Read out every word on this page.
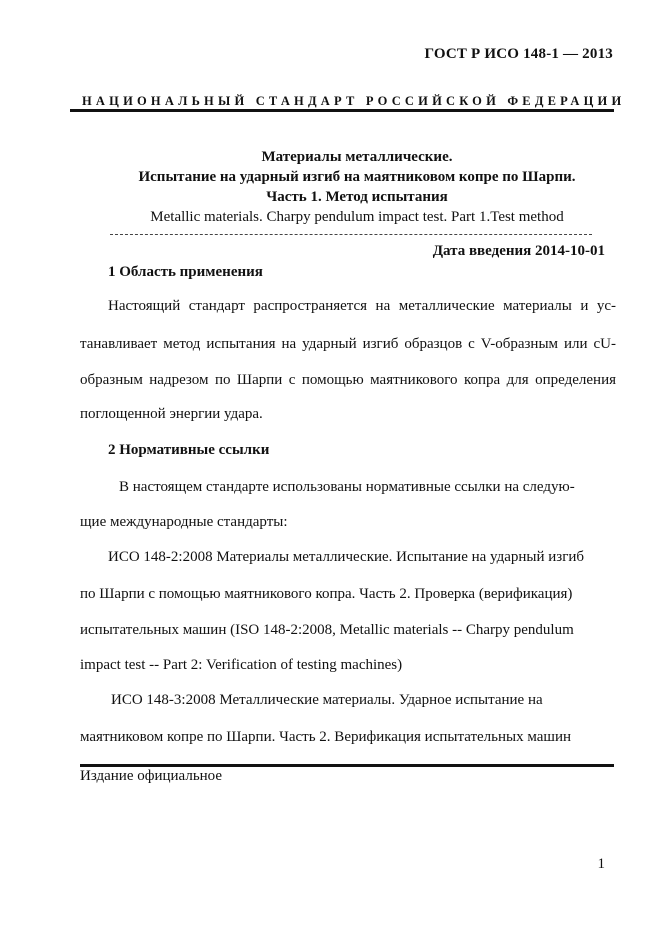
ГОСТ Р ИСО 148-1 — 2013
НАЦИОНАЛЬНЫЙ СТАНДАРТ РОССИЙСКОЙ ФЕДЕРАЦИИ
Материалы металлические.
Испытание на ударный изгиб на маятниковом копре по Шарпи.
Часть 1. Метод испытания
Metallic materials. Charpy pendulum impact test. Part 1.Test method
Дата введения 2014-10-01
1 Область применения
Настоящий стандарт распространяется на металлические материалы и ус-
танавливает метод испытания на ударный изгиб образцов с V-образным или cU-
образным надрезом по Шарпи с помощью маятникового копра для определения
поглощенной энергии удара.
2 Нормативные ссылки
В настоящем стандарте использованы нормативные ссылки на следую-
щие международные стандарты:
ИСО 148-2:2008 Материалы металлические. Испытание на ударный изгиб
по Шарпи с помощью маятникового копра. Часть 2. Проверка (верификация)
испытательных машин (ISO 148-2:2008, Metallic materials -- Charpy pendulum
impact test -- Part 2: Verification of testing machines)
ИСО 148-3:2008 Металлические материалы. Ударное испытание на
маятниковом копре по Шарпи. Часть 2. Верификация испытательных машин
Издание официальное
1
